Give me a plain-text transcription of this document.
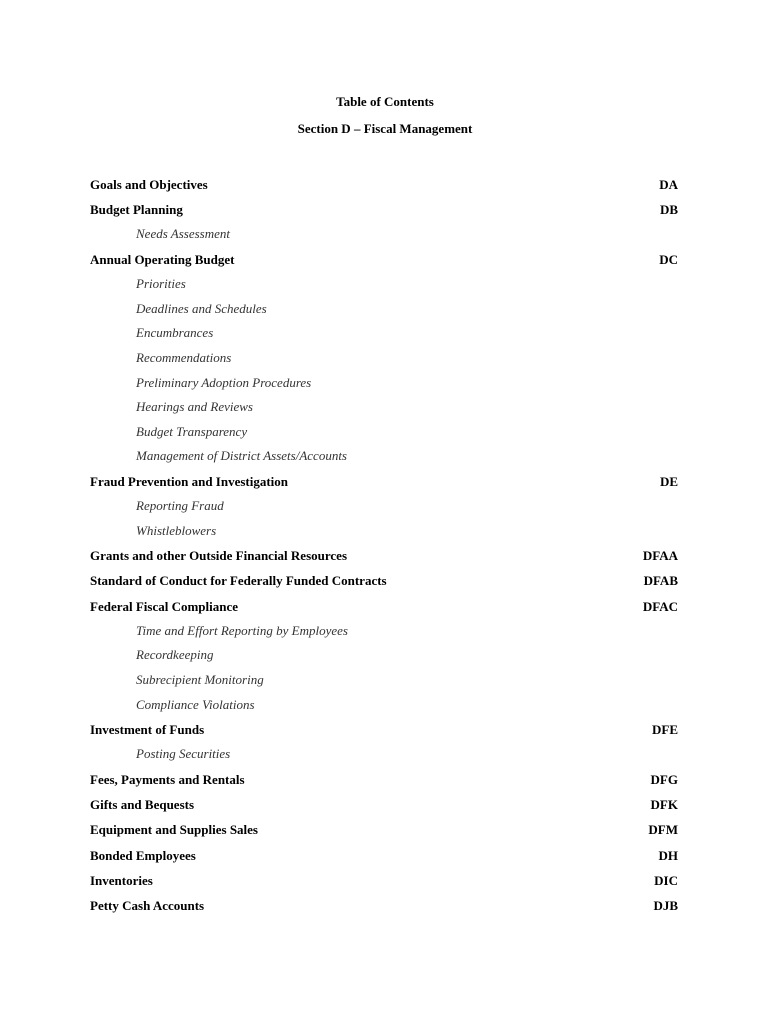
Table of Contents
Section D – Fiscal Management
Goals and Objectives	DA
Budget Planning	DB
Needs Assessment
Annual Operating Budget	DC
Priorities
Deadlines and Schedules
Encumbrances
Recommendations
Preliminary Adoption Procedures
Hearings and Reviews
Budget Transparency
Management of District Assets/Accounts
Fraud Prevention and Investigation	DE
Reporting Fraud
Whistleblowers
Grants and other Outside Financial Resources	DFAA
Standard of Conduct for Federally Funded Contracts	DFAB
Federal Fiscal Compliance	DFAC
Time and Effort Reporting by Employees
Recordkeeping
Subrecipient Monitoring
Compliance Violations
Investment of Funds	DFE
Posting Securities
Fees, Payments and Rentals	DFG
Gifts and Bequests	DFK
Equipment and Supplies Sales	DFM
Bonded Employees	DH
Inventories	DIC
Petty Cash Accounts	DJB
